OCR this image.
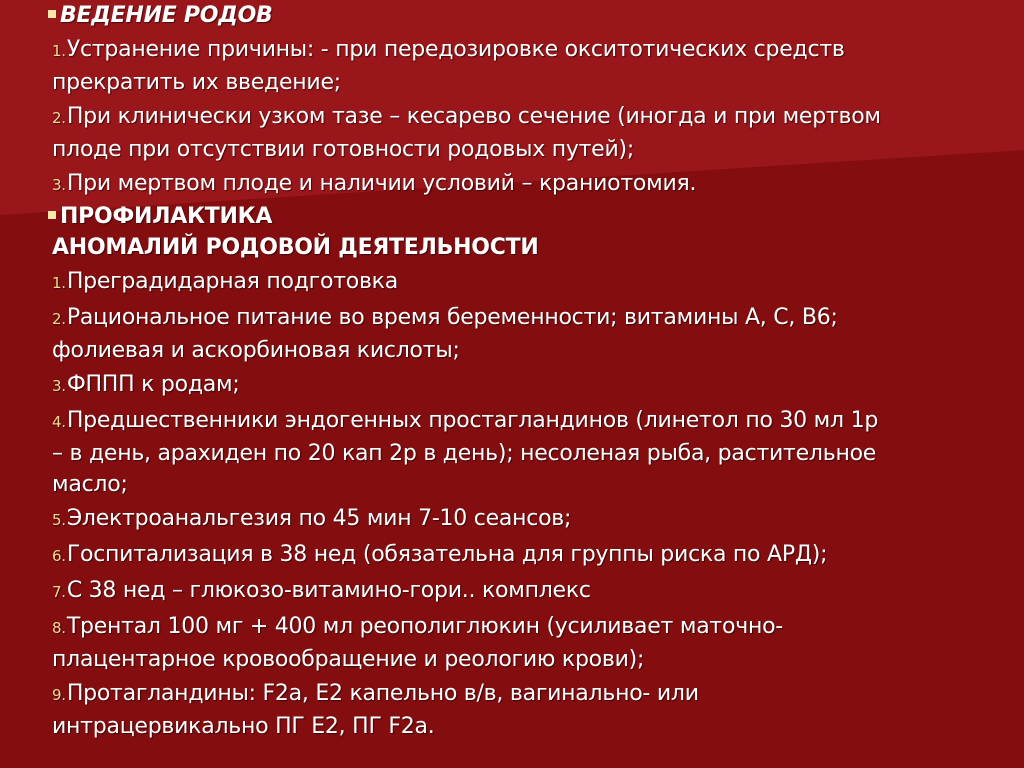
ВЕДЕНИЕ РОДОВ
1.Устранение причины: - при передозировке окситотических средств
прекратить их введение;
2.При клинически узком тазе – кесарево сечение (иногда и при мертвом
плоде при отсутствии готовности родовых путей);
3.При мертвом плоде и наличии условий – краниотомия.
ПРОФИЛАКТИКА
АНОМАЛИЙ РОДОВОЙ ДЕЯТЕЛЬНОСТИ
1.Преградидарная подготовка
2.Рациональное питание во время беременности; витамины А, С, В6;
фолиевая и аскорбиновая кислоты;
3.ФППП к родам;
4.Предшественники эндогенных простагландинов (линетол по 30 мл 1р
– в день, арахиден по 20 кап 2р в день); несоленая рыба, растительное
масло;
5.Электроанальгезия по 45 мин 7-10 сеансов;
6.Госпитализация в 38 нед (обязательна для группы риска по АРД);
7.С 38 нед – глюкозо-витамино-гори.. комплекс
8.Трентал 100 мг + 400 мл реополиглюкин (усиливает маточно-
плацентарное кровообращение и реологию крови);
9.Протагландины: F2a, E2 капельно в/в, вагинально- или
интрацервикально ПГ Е2, ПГ F2a.
